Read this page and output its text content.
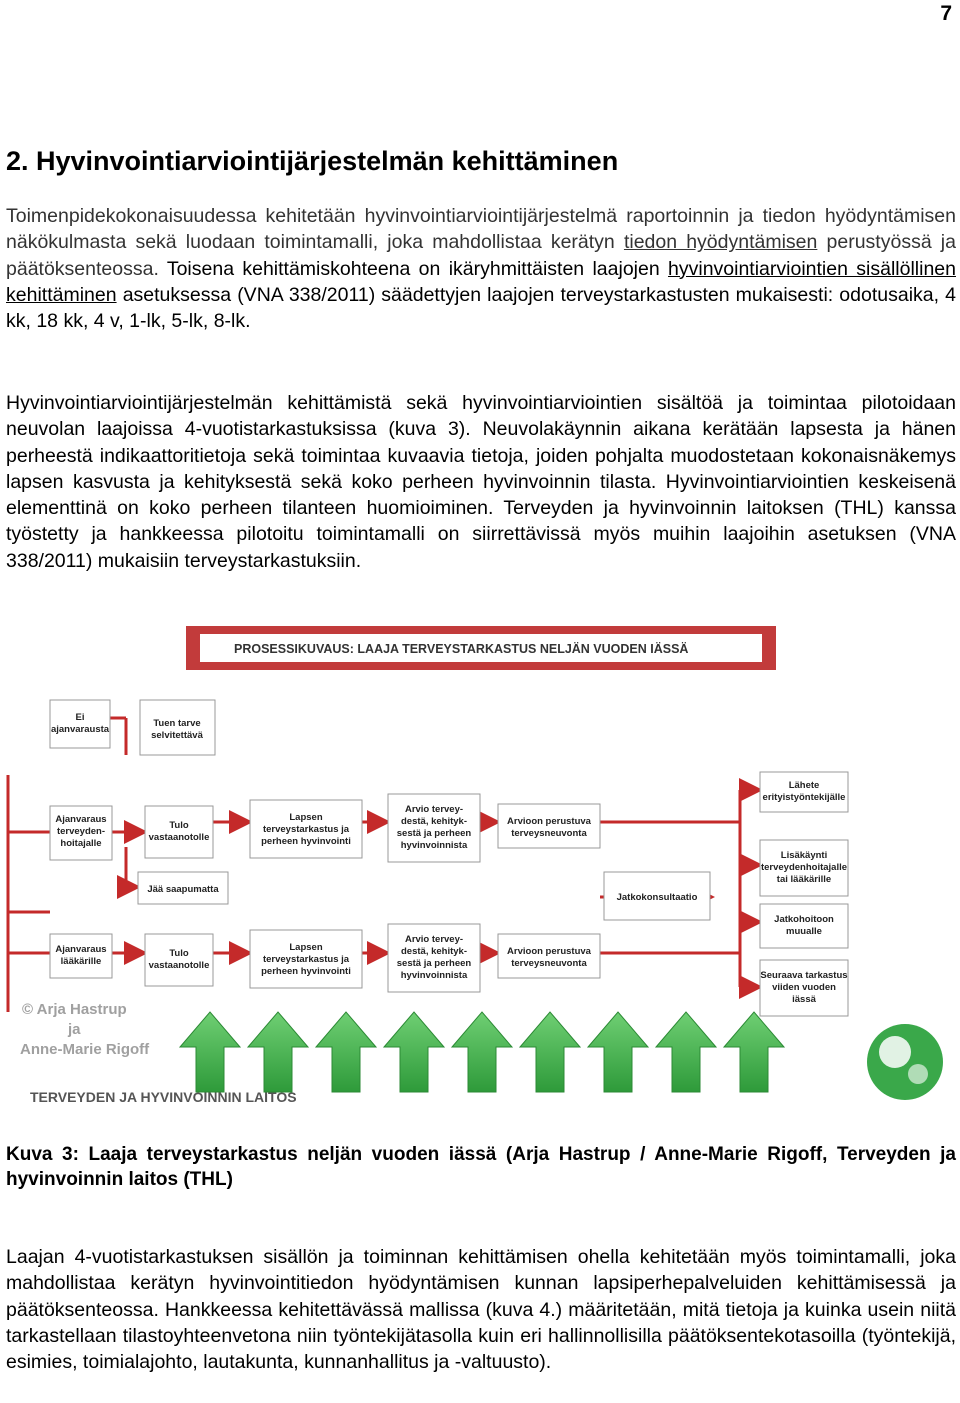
7
2. Hyvinvointiarviointijärjestelmän kehittäminen

Toimenpidekokonaisuudessa kehitetään hyvinvointiarviointijärjestelmä raportoinnin ja tiedon hyödyntämisen näkökulmasta sekä luodaan toimintamalli, joka mahdollistaa kerätyn tiedon hyödyntämisen perustyössä ja päätöksenteossa. Toisena kehittämiskohteena on ikäryhmittäisten laajojen hyvinvointiarviointien sisällöllinen kehittäminen asetuksessa (VNA 338/2011) säädettyjen laajojen terveystarkastusten mukaisesti: odotusaika, 4 kk, 18 kk, 4 v, 1-lk, 5-lk, 8-lk.

Hyvinvointiarviointijärjestelmän kehittämistä sekä hyvinvointiarviointien sisältöä ja toimintaa pilotoidaan neuvolan laajoissa 4-vuotistarkastuksissa (kuva 3). Neuvolakäynnin aikana kerätään lapsesta ja hänen perheestä indikaattoritietoja sekä toimintaa kuvaavia tietoja, joiden pohjalta muodostetaan kokonaisnäkemys lapsen kasvusta ja kehityksestä sekä koko perheen hyvinvoinnin tilasta. Hyvinvointiarviointien keskeisenä elementtinä on koko perheen tilanteen huomioiminen. Terveyden ja hyvinvoinnin laitoksen (THL) kanssa työstetty ja hankkeessa pilotoitu toimintamalli on siirrettävissä myös muihin laajoihin asetuksen (VNA 338/2011) mukaisiin terveystarkastuksiin.

PROSESSIKUVAUS: LAAJA TERVEYSTARKASTUS NELJÄN VUODEN IÄSSÄ
Ei ajanvarausta
Tuen tarve selvitettävä
Ajanvaraus terveyden-hoitajalle
Tulo vastaanotolle
Lapsen terveystarkastus ja perheen hyvinvointi
Arvio tervey-destä, kehityk-sestä ja perheen hyvinvoinnista
Arvioon perustuva terveysneuvonta
Jää saapumatta
Ajanvaraus lääkärille
Tulo vastaanotolle
Lapsen terveystarkastus ja perheen hyvinvointi
Arvio tervey-destä, kehityk-sestä ja perheen hyvinvoinnista
Arvioon perustuva terveysneuvonta
Jatkokonsultaatio
Lähete erityistyöntekijälle
Lisäkäynti terveydenhoitajalle tai lääkärille
Jatkohoitoon muualle
Seuraava tarkastus viiden vuoden iässä
© Arja Hastrup
ja
Anne-Marie Rigoff
TERVEYDEN JA HYVINVOINNIN LAITOS

Kuva 3: Laaja terveystarkastus neljän vuoden iässä (Arja Hastrup / Anne-Marie Rigoff, Terveyden ja hyvinvoinnin laitos (THL)

Laajan 4-vuotistarkastuksen sisällön ja toiminnan kehittämisen ohella kehitetään myös toimintamalli, joka mahdollistaa kerätyn hyvinvointitiedon hyödyntämisen kunnan lapsiperhepalveluiden kehittämisessä ja päätöksenteossa. Hankkeessa kehitettävässä mallissa (kuva 4.) määritetään, mitä tietoja ja kuinka usein niitä tarkastellaan tilastoyhteenvetona niin työntekijätasolla kuin eri hallinnollisilla päätöksentekotasoilla (työntekijä, esimies, toimialajohto, lautakunta, kunnanhallitus ja -valtuusto).
